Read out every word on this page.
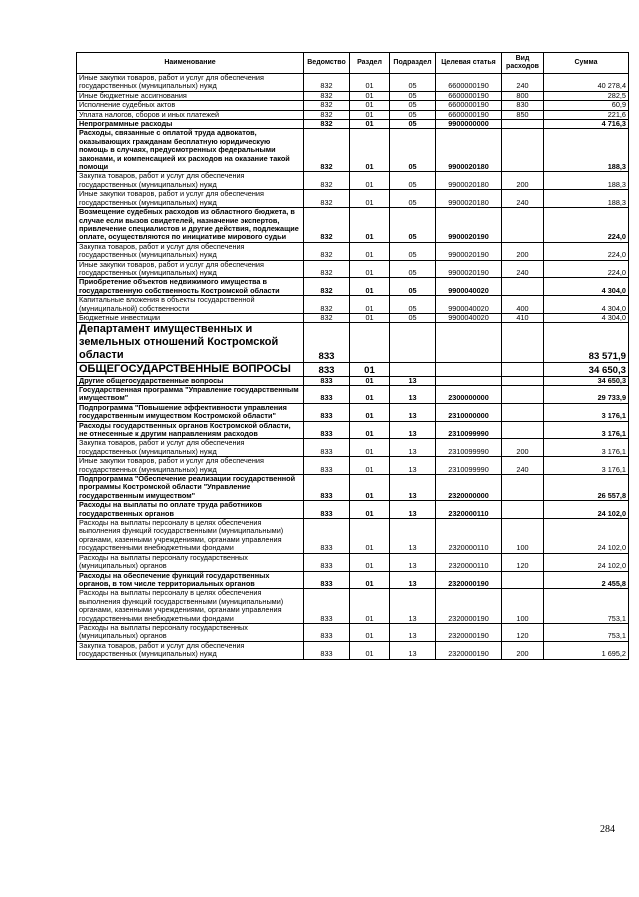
Наименование	Ведомство	Раздел	Подраздел	Целевая статья	Вид расходов	Сумма
Иные закупки товаров, работ и услуг для обеспечения государственных (муниципальных) нужд	832	01	05	6600000190	240	40 278,4
Иные бюджетные ассигнования	832	01	05	6600000190	800	282,5
Исполнение судебных актов	832	01	05	6600000190	830	60,9
Уплата налогов, сборов и иных платежей	832	01	05	6600000190	850	221,6
Непрограммные расходы	832	01	05	9900000000		4 716,3
Расходы, связанные с оплатой труда адвокатов, оказывающих гражданам бесплатную юридическую помощь в случаях, предусмотренных федеральными законами, и компенсацией их расходов на оказание такой помощи	832	01	05	9900020180		188,3
Закупка товаров, работ и услуг для обеспечения государственных (муниципальных) нужд	832	01	05	9900020180	200	188,3
Иные закупки товаров, работ и услуг для обеспечения государственных (муниципальных) нужд	832	01	05	9900020180	240	188,3
Возмещение судебных расходов из областного бюджета, в случае если вызов свидетелей, назначение экспертов, привлечение специалистов и другие действия, подлежащие оплате, осуществляются по инициативе мирового судьи	832	01	05	9900020190		224,0
Закупка товаров, работ и услуг для обеспечения государственных (муниципальных) нужд	832	01	05	9900020190	200	224,0
Иные закупки товаров, работ и услуг для обеспечения государственных (муниципальных) нужд	832	01	05	9900020190	240	224,0
Приобретение объектов недвижимого имущества в государственную собственность Костромской области	832	01	05	9900040020		4 304,0
Капитальные вложения в объекты государственной (муниципальной) собственности	832	01	05	9900040020	400	4 304,0
Бюджетные инвестиции	832	01	05	9900040020	410	4 304,0
Департамент имущественных и земельных отношений Костромской области	833					83 571,9
ОБЩЕГОСУДАРСТВЕННЫЕ ВОПРОСЫ	833	01				34 650,3
Другие общегосударственные вопросы	833	01	13			34 650,3
Государственная программа "Управление государственным имуществом"	833	01	13	2300000000		29 733,9
Подпрограмма "Повышение эффективности управления государственным имуществом Костромской области"	833	01	13	2310000000		3 176,1
Расходы государственных органов Костромской области, не отнесенные к другим направлениям расходов	833	01	13	2310099990		3 176,1
Закупка товаров, работ и услуг для обеспечения государственных (муниципальных) нужд	833	01	13	2310099990	200	3 176,1
Иные закупки товаров, работ и услуг для обеспечения государственных (муниципальных) нужд	833	01	13	2310099990	240	3 176,1
Подпрограмма "Обеспечение реализации государственной программы Костромской области "Управление государственным имуществом"	833	01	13	2320000000		26 557,8
Расходы на выплаты по оплате труда работников государственных органов	833	01	13	2320000110		24 102,0
Расходы на выплаты персоналу в целях обеспечения выполнения функций государственными (муниципальными) органами, казенными учреждениями, органами управления государственными внебюджетными фондами	833	01	13	2320000110	100	24 102,0
Расходы на выплаты персоналу государственных (муниципальных) органов	833	01	13	2320000110	120	24 102,0
Расходы на обеспечение функций государственных органов, в том числе территориальных органов	833	01	13	2320000190		2 455,8
Расходы на выплаты персоналу в целях обеспечения выполнения функций государственными (муниципальными) органами, казенными учреждениями, органами управления государственными внебюджетными фондами	833	01	13	2320000190	100	753,1
Расходы на выплаты персоналу государственных (муниципальных) органов	833	01	13	2320000190	120	753,1
Закупка товаров, работ и услуг для обеспечения государственных (муниципальных) нужд	833	01	13	2320000190	200	1 695,2
284
